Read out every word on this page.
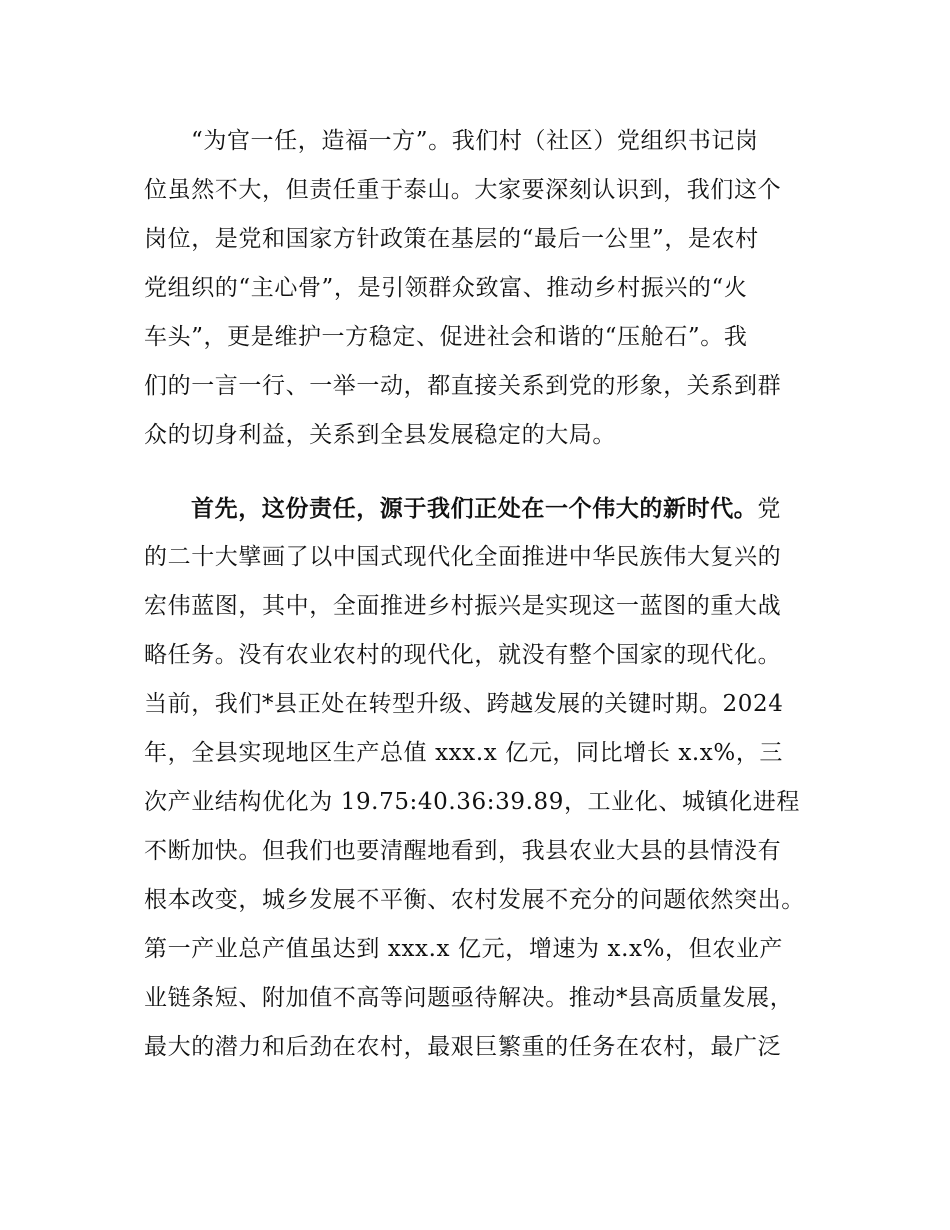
“为官一任，造福一方”。我们村（社区）党组织书记岗
位虽然不大，但责任重于泰山。大家要深刻认识到，我们这个
岗位，是党和国家方针政策在基层的“最后一公里”，是农村
党组织的“主心骨”，是引领群众致富、推动乡村振兴的“火
车头”，更是维护一方稳定、促进社会和谐的“压舱石”。我
们的一言一行、一举一动，都直接关系到党的形象，关系到群
众的切身利益，关系到全县发展稳定的大局。
首先，这份责任，源于我们正处在一个伟大的新时代。党
的二十大擘画了以中国式现代化全面推进中华民族伟大复兴的
宏伟蓝图，其中，全面推进乡村振兴是实现这一蓝图的重大战
略任务。没有农业农村的现代化，就没有整个国家的现代化。
当前，我们*县正处在转型升级、跨越发展的关键时期。2024
年，全县实现地区生产总值 xxx.x 亿元，同比增长 x.x%，三
次产业结构优化为 19.75:40.36:39.89，工业化、城镇化进程
不断加快。但我们也要清醒地看到，我县农业大县的县情没有
根本改变，城乡发展不平衡、农村发展不充分的问题依然突出。
第一产业总产值虽达到 xxx.x 亿元，增速为 x.x%，但农业产
业链条短、附加值不高等问题亟待解决。推动*县高质量发展，
最大的潜力和后劲在农村，最艰巨繁重的任务在农村，最广泛
